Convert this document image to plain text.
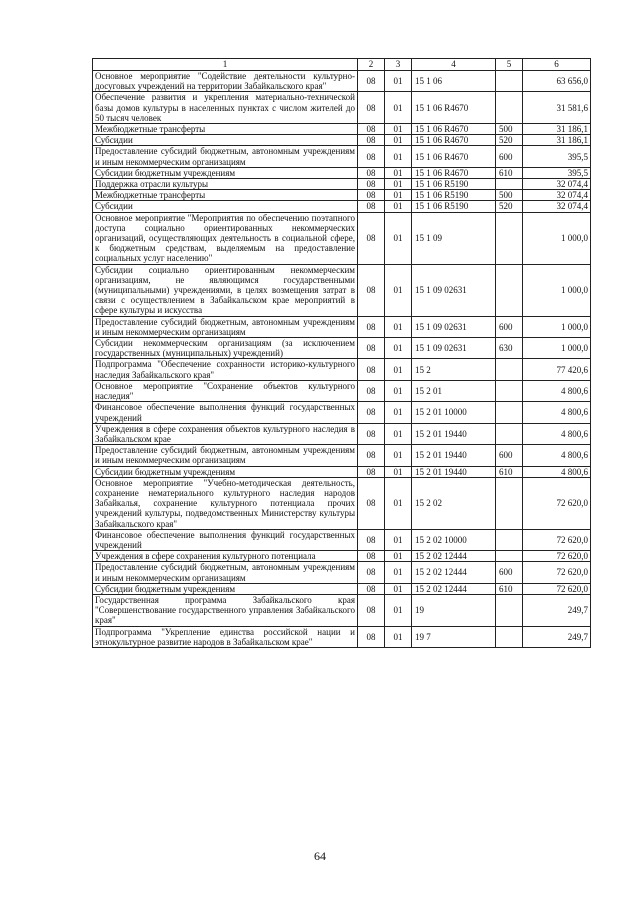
1	2	3	4	5	6
Основное мероприятие "Содействие деятельности культурно-досуговых учреждений на территории Забайкальского края"	08	01	15 1 06		63 656,0
Обеспечение развития и укрепления материально-технической базы домов культуры в населенных пунктах с числом жителей до 50 тысяч человек	08	01	15 1 06 R4670		31 581,6
Межбюджетные трансферты	08	01	15 1 06 R4670	500	31 186,1
Субсидии	08	01	15 1 06 R4670	520	31 186,1
Предоставление субсидий бюджетным, автономным учреждениям и иным некоммерческим организациям	08	01	15 1 06 R4670	600	395,5
Субсидии бюджетным учреждениям	08	01	15 1 06 R4670	610	395,5
Поддержка отрасли культуры	08	01	15 1 06 R5190		32 074,4
Межбюджетные трансферты	08	01	15 1 06 R5190	500	32 074,4
Субсидии	08	01	15 1 06 R5190	520	32 074,4
Основное мероприятие "Мероприятия по обеспечению поэтапного доступа социально ориентированных некоммерческих организаций, осуществляющих деятельность в социальной сфере, к бюджетным средствам, выделяемым на предоставление социальных услуг населению"	08	01	15 1 09		1 000,0
Субсидии социально ориентированным некоммерческим организациям, не являющимся государственными (муниципальными) учреждениями, в целях возмещения затрат в связи с осуществлением в Забайкальском крае мероприятий в сфере культуры и искусства	08	01	15 1 09 02631		1 000,0
Предоставление субсидий бюджетным, автономным учреждениям и иным некоммерческим организациям	08	01	15 1 09 02631	600	1 000,0
Субсидии некоммерческим организациям (за исключением государственных (муниципальных) учреждений)	08	01	15 1 09 02631	630	1 000,0
Подпрограмма "Обеспечение сохранности историко-культурного наследия Забайкальского края"	08	01	15 2		77 420,6
Основное мероприятие "Сохранение объектов культурного наследия"	08	01	15 2 01		4 800,6
Финансовое обеспечение выполнения функций государственных учреждений	08	01	15 2 01 10000		4 800,6
Учреждения в сфере сохранения объектов культурного наследия в Забайкальском крае	08	01	15 2 01 19440		4 800,6
Предоставление субсидий бюджетным, автономным учреждениям и иным некоммерческим организациям	08	01	15 2 01 19440	600	4 800,6
Субсидии бюджетным учреждениям	08	01	15 2 01 19440	610	4 800,6
Основное мероприятие "Учебно-методическая деятельность, сохранение нематериального культурного наследия народов Забайкалья, сохранение культурного потенциала прочих учреждений культуры, подведомственных Министерству культуры Забайкальского края"	08	01	15 2 02		72 620,0
Финансовое обеспечение выполнения функций государственных учреждений	08	01	15 2 02 10000		72 620,0
Учреждения в сфере сохранения культурного потенциала	08	01	15 2 02 12444		72 620,0
Предоставление субсидий бюджетным, автономным учреждениям и иным некоммерческим организациям	08	01	15 2 02 12444	600	72 620,0
Субсидии бюджетным учреждениям	08	01	15 2 02 12444	610	72 620,0
Государственная программа Забайкальского края "Совершенствование государственного управления Забайкальского края"	08	01	19		249,7
Подпрограмма "Укрепление единства российской нации и этнокультурное развитие народов в Забайкальском крае"	08	01	19 7		249,7
64
